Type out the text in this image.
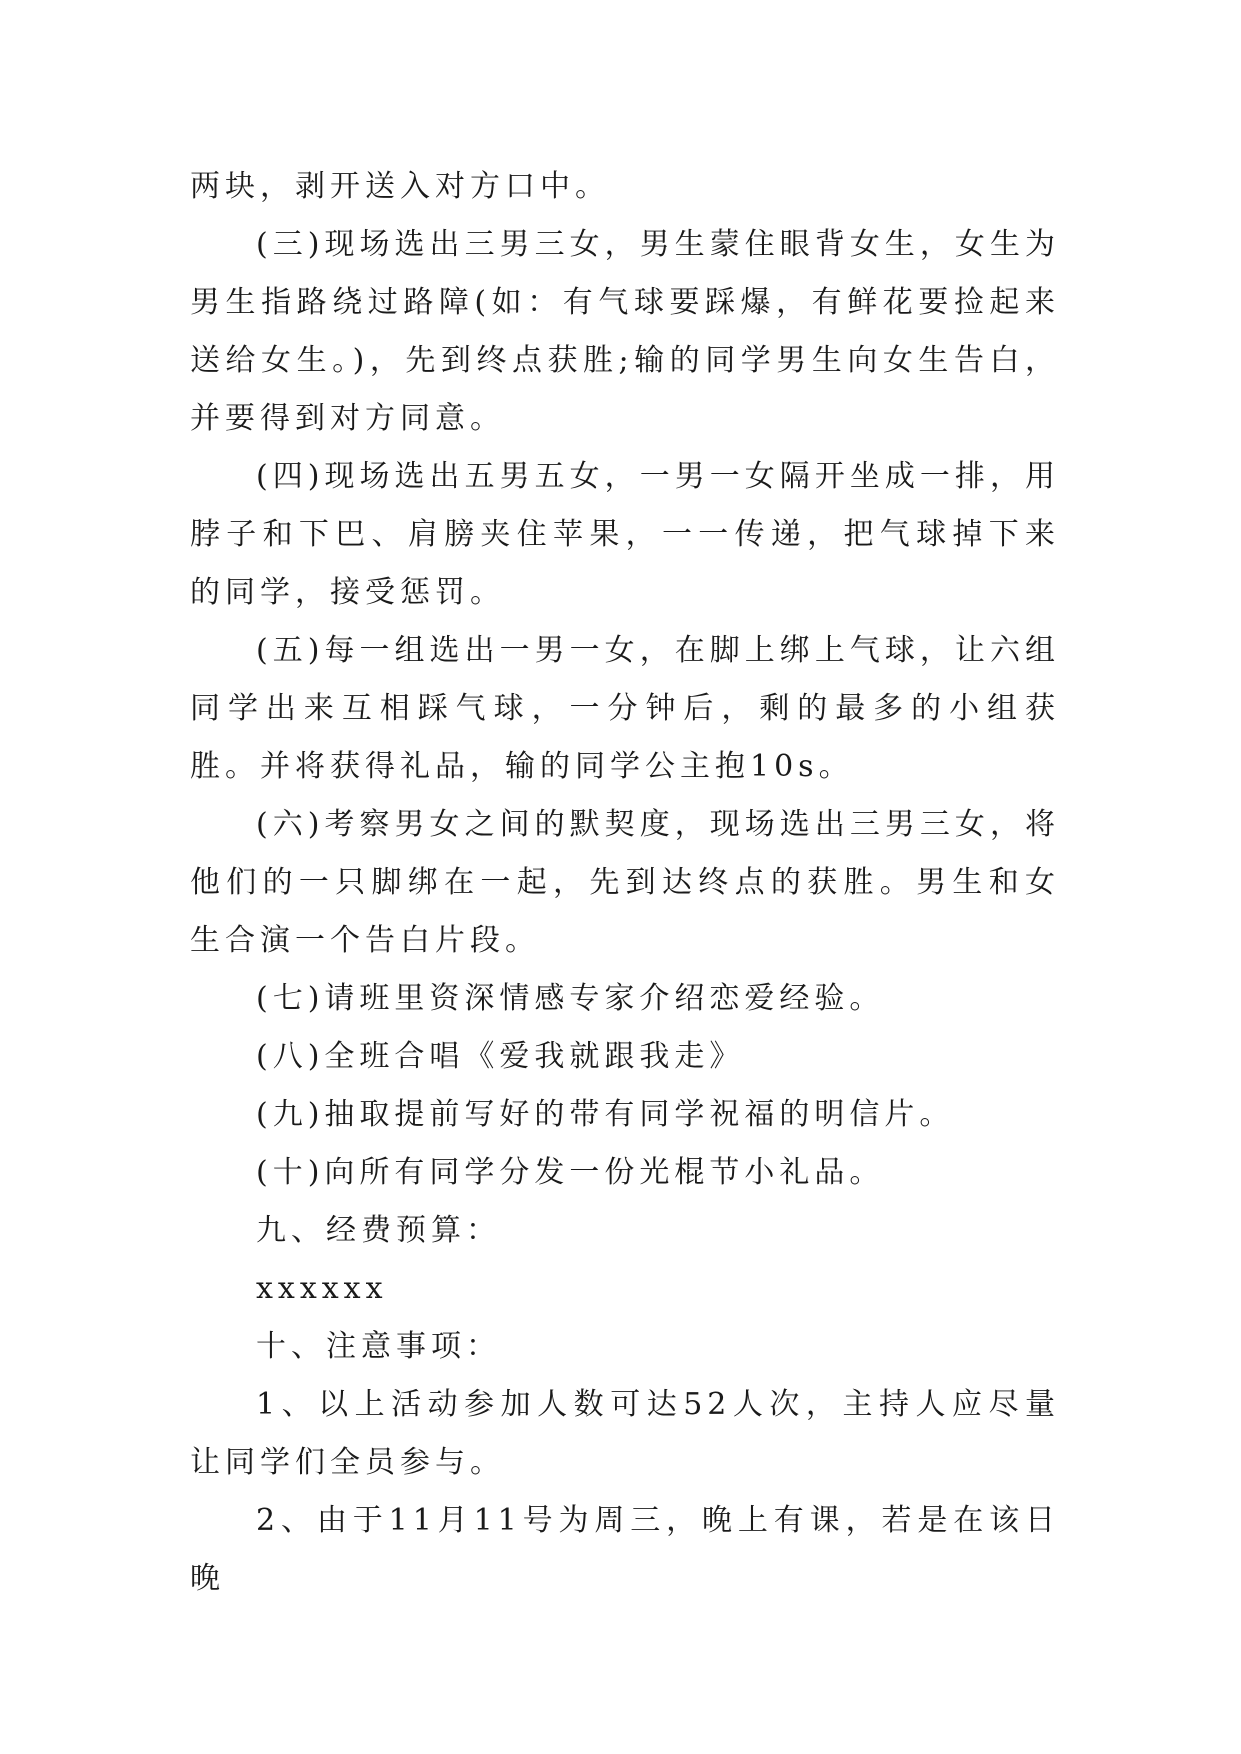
两块，剥开送入对方口中。

(三)现场选出三男三女，男生蒙住眼背女生，女生为男生指路绕过路障(如：有气球要踩爆，有鲜花要捡起来送给女生。)，先到终点获胜;输的同学男生向女生告白，并要得到对方同意。

(四)现场选出五男五女，一男一女隔开坐成一排，用脖子和下巴、肩膀夹住苹果，一一传递，把气球掉下来的同学，接受惩罚。

(五)每一组选出一男一女，在脚上绑上气球，让六组同学出来互相踩气球，一分钟后，剩的最多的小组获胜。并将获得礼品，输的同学公主抱10s。

(六)考察男女之间的默契度，现场选出三男三女，将他们的一只脚绑在一起，先到达终点的获胜。男生和女生合演一个告白片段。

(七)请班里资深情感专家介绍恋爱经验。

(八)全班合唱《爱我就跟我走》

(九)抽取提前写好的带有同学祝福的明信片。

(十)向所有同学分发一份光棍节小礼品。

九、经费预算：

xxxxxx

十、注意事项：

1、以上活动参加人数可达52人次，主持人应尽量让同学们全员参与。

2、由于11月11号为周三，晚上有课，若是在该日晚
